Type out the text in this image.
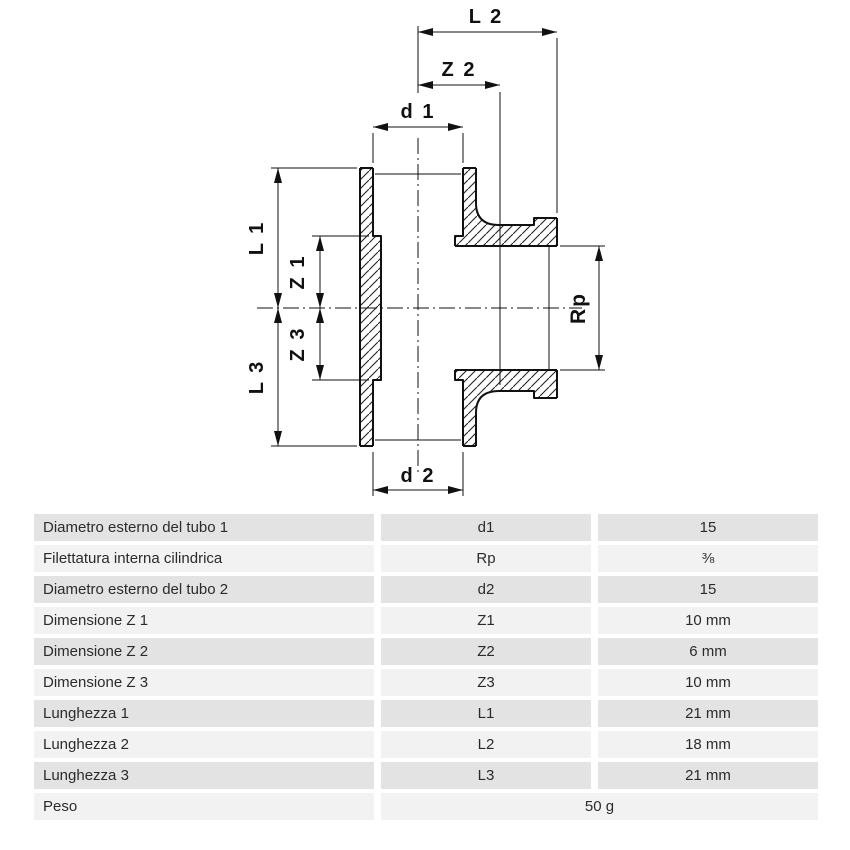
L 2
Z 2
d 1
d 2
L 1
Z 1
Z 3
L 3
Rp
Diametro esterno del tubo 1	d1	15
Filettatura interna cilindrica	Rp	⅜
Diametro esterno del tubo 2	d2	15
Dimensione Z 1	Z1	10 mm
Dimensione Z 2	Z2	6 mm
Dimensione Z 3	Z3	10 mm
Lunghezza 1	L1	21 mm
Lunghezza 2	L2	18 mm
Lunghezza 3	L3	21 mm
Peso	50 g
